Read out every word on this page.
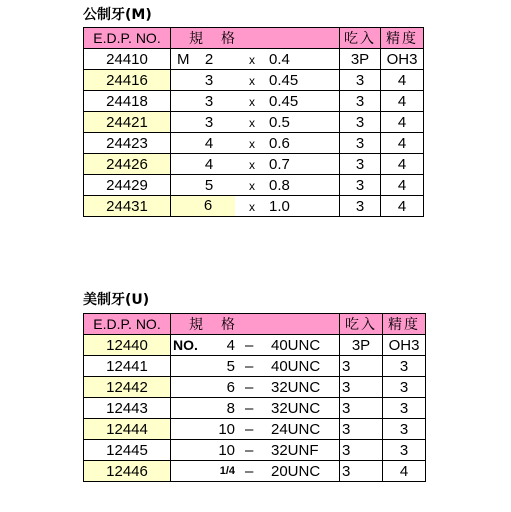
公制牙(M)
E.D.P. NO.	規格	吃入	精度
24410	M 2 x 0.4	3P	OH3
24416	3 x 0.45	3	4
24418	3 x 0.45	3	4
24421	3 x 0.5	3	4
24423	4 x 0.6	3	4
24426	4 x 0.7	3	4
24429	5 x 0.8	3	4
24431	6 x 1.0	3	4
美制牙(U)
E.D.P. NO.	規格	吃入	精度
12440	NO. 4 – 40UNC	3P	OH3
12441	5 – 40UNC	3	3
12442	6 – 32UNC	3	3
12443	8 – 32UNC	3	3
12444	10 – 24UNC	3	3
12445	10 – 32UNF	3	3
12446	1/4 – 20UNC	3	4
